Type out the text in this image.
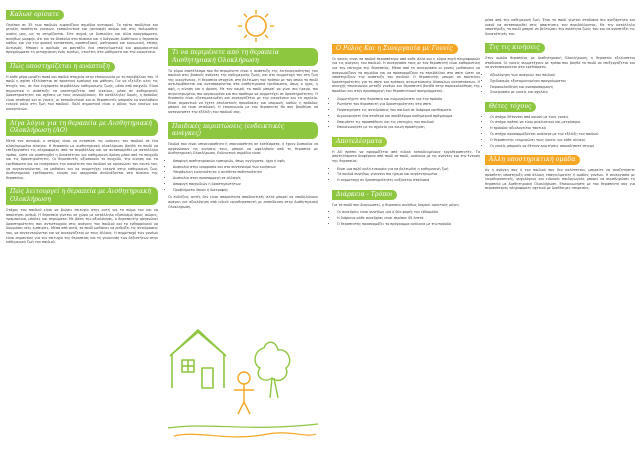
Καλωσ ορίσατε

Περίπου σε 35 των παιδιών εμφανίζουν σημάδια αυτισμού. Το τρίτο παιδί/ενα και μεγάλη ποσότητα γονικών, εκπαιδευτικά και (αυτισμό) ακόμα και στις πολυμαθείς ουσίες μας, ως τη στηρίζονται. Είτε συχνά, με δυσκολίες και άλλα προγράμματα, συνήθως μορφήν, ότι και τα δύσκολα στα πλαίσια και η διάγνωση διαθέτουν η θεραπεία καθώς και για την φυσική κατάσταση, αναπτυξιακή, μαθησιακή και κοινωνική, επίσης Αυτισμός. Μπορεί ο αριθμός να φαντάζει ένα επαγγελματικό και φαρμακευτικό προγράμματα τη μεταχείριση ενός ευρέως, ετικέτες στα μάθηματα και την οικογένεια.

Πώς υποστηρίζεται η ανάπτυξη

Η κάθε μέρα μοιάζει ποσό και παιδιά στοιχεία στην επικοινωνία με το περιβάλλον του. Η παιδί η σχέση εξελίσσεται σε πρακτική εμπλοκή και μάθηση. Για να εξελίξει ολες τις πτυχές του, σε ένα ευχάριστο περιβάλλον καθημερινής ζωής, μέσα από παιχνίδι. Είναι σημαντικό η ανάπτυξη να υποστηρίζεται από οικείους, μέσα σε καθημερινές δραστηριότητες και σχέσεις με τους συνομηλίκους. Με κατάλληλες δομές, η πρόοδος είναι σταθερή και οι γονείς, οι εκπαιδευτικοί και οι θεραπευτές μπορούν να αναλάβουν ενεργό ρόλο στη ζωή του παιδιού. Πολύ σημαντικό είναι ο ρόλος των γονέων και οικογενειών.

Λίγα λόγια για τη θεραπεία με Αισθητηριακή Ολοκλήρωση (ΑΟ)

Μετά τον αυτισμό, ο στόχος είναι να εντοπίσει τις ανάγκες του παιδιού σε ένα ολοκληρωμένο πλαίσιο. Η θεραπεία με αισθητηριακή ολοκλήρωση βοηθά το παιδί να επεξεργαστεί τις πληροφορίες από το περιβάλλον και να ανταποκριθεί με κατάλληλο τρόπο, ώστε να αναπτυχθεί η δυνατότητα για καθημερινή δράση μέσα από το παιχνίδι και τις δραστηριότητες. Οι θεραπευτές αξιοποιούν το παιχνίδι, την κίνηση και τα ερεθίσματα για να ενισχύσουν την ικανότητα του παιδιού να οργανώνει τον εαυτό του, να συγκεντρώνεται, να μαθαίνει και να συμμετέχει ενεργά στην καθημερινή ζωή. Αισθητηριακά ερεθίσματα, κίνηση και ισορροπία συνδυάζονται στο πλαίσιο της θεραπείας.

Πώς λειτουργεί η θεραπεία με Αισθητηριακή Ολοκλήρωση

Στόχος του παιδιού είναι να βιώσει επιτυχία στην αυτή για το σώμα του και να αποκτήσει ρυθμό. Η θεραπεία γίνεται σε χώρο με κατάλληλο εξοπλισμό όπως αιώρες, τραμπολίνα, μπάλες και στρώματα. Με βάση την αξιολόγηση, ο θεραπευτής οργανώνει δραστηριότητες που αντιστοιχούν στις ανάγκες του παιδιού και το ενθαρρύνουν να δοκιμάσει νέες εμπειρίες. Μέσα από αυτό, το παιδί μαθαίνει να ρυθμίζει τις αντιδράσεις του, να συγκεντρώνεται και να συνεργάζεται με τους άλλους. Η συμμετοχή των γονέων είναι σημαντική για την επιτυχία της θεραπείας και τη γενίκευση των δεξιοτήτων στην καθημερινή ζωή του παιδιού.

Τι να περιμένετε από τη θεραπεία Αισθητηριακή Ολοκλήρωση

Το κύριο αποτέλεσμα που θα περιμένετε είναι η ανάπτυξη της λειτουργικότητας του παιδιού στις βασικές ανάγκες της καθημερινής ζωής, και στη συμμετοχή του στη ζωή της οικογένειας. Η θεραπεία στοχεύει στη βελτίωση του τρόπου με τον οποίο το παιδί αντιλαμβάνεται και ανταποκρίνεται στα αισθητηριακά ερεθίσματα, όπως ο ήχος, η αφή, η κίνηση και η όραση. Με τον καιρό, το παιδί μπορεί να γίνει πιο ήρεμο, πιο συγκεντρωμένο, πιο οργανωμένο και πιο πρόθυμο να συμμετέχει σε δραστηριότητες. Η θεραπεία είναι εξατομικευμένη και συνεργάζεται με την οικογένεια και το σχολείο. Είναι σημαντικό να έχετε ρεαλιστικές προσδοκίες και υπομονή, καθώς η πρόοδος μπορεί να είναι σταδιακή. Η επικοινωνία με τον θεραπευτή θα σας βοηθήσει να κατανοήσετε την εξέλιξη του παιδιού σας.

Παιδικές περιπτώσεις (ενδεικτικές ανάγκες)

Παιδιά που είναι υπερευαίσθητα ή υποευαίσθητα σε ερεθίσματα, ή έχουν δυσκολία να οργανώσουν τις κινήσεις τους, μπορεί να ωφεληθούν από τη θεραπεία με Αισθητηριακή Ολοκλήρωση. Ενδεικτικά σημάδια είναι:

• Αποφυγή αισθητηριακών εμπειριών, όπως αγγίγματα, ήχοι ή υφές
• Δυσκολία στην ισορροπία και στο συντονισμό των κινήσεων
• Υπερβολική κινητικότητα ή αντίθετα παθητικότητα
• Δυσκολία στην προσαρμογή σε αλλαγές
• Αποφυγή παιχνιδιών ή δραστηριοτήτων
• Προβλήματα ύπνου ή διατροφής

Οι ενδείξεις αυτές δεν είναι απαραίτητα αποδεικτικές αλλά μπορεί να υποδηλώνουν ανάγκη για αξιολόγηση από ειδικό εργοθεραπευτή με εκπαίδευση στην Αισθητηριακή Ολοκλήρωση.

Ο Ρόλος Και η Συνεργασία με Γονείς

Οι γονείς είναι τα παιδιά περισσότερο από κάθε άλλο και η κύρια πηγή πληροφοριών για τις ανάγκες του παιδιού. Η συνεργασία τους με τον θεραπευτή είναι καθοριστική για την επιτυχία της θεραπείας. Μέσα από τη συνεργασία οι γονείς μαθαίνουν να αναγνωρίζουν τα σημάδια και να προσαρμόζουν το περιβάλλον στο σπίτι ώστε να υποστηρίζουν την ανάπτυξη του παιδιού. Ο θεραπευτής μπορεί να προτείνει δραστηριότητες για το σπίτι και τρόπους αντιμετώπισης δύσκολων καταστάσεων. Η συνεχής επικοινωνία μεταξύ γονέων και θεραπευτή βοηθά στην παρακολούθηση της προόδου και στην προσαρμογή του θεραπευτικού προγράμματος.

• Συμμετέχετε στη θεραπεία και ενημερώνεστε για την πρόοδο
• Ρωτήστε τον θεραπευτή για δραστηριότητες στο σπίτι
• Παρατηρήστε τις αντιδράσεις του παιδιού σε διάφορα ερεθίσματα
• Δημιουργήστε ένα σταθερό και προβλέψιμο καθημερινό πρόγραμμα
• Επαινέστε τις προσπάθειες και τις επιτυχίες του παιδιού
• Επικοινωνήστε με το σχολείο για κοινή προσέγγιση
Αποτελέσματα

Η ΑΟ πρέπει να εφαρμόζεται από ειδικά εκπαιδευμένους εργοθεραπευτές. Τα αποτελέσματα διαφέρουν από παιδί σε παιδί, ανάλογα με τις ανάγκες και την ένταση της θεραπείας.

• Είναι μια πολύ καλή ευκαιρία για να βελτιωθεί η καθημερινή ζωή
• Τα παιδιά συνήθως γίνονται πιο ήρεμα και συγκεντρωμένα
• Η συμμετοχή σε δραστηριότητες αυξάνεται σταδιακά
Διάρκεια - Τρόποι

Για το παιδί που διαγνωστεί, η θεραπεία συνήθως διαρκεί αρκετούς μήνες.

• Οι συνεδρίες είναι συνήθως μία ή δύο φορές την εβδομάδα
• Η διάρκεια κάθε συνεδρίας είναι περίπου 45 λεπτά
• Ο θεραπευτής προσαρμόζει το πρόγραμμα ανάλογα με την πρόοδο

μέσα από την καθημερινή ζωή. Έτσι το παιδί γίνεται σταδιακά πιο ανεξάρτητο και ικανό να ανταποκριθεί στις απαιτήσεις του περιβάλλοντος. Με την κατάλληλη υποστήριξη, το παιδί μπορεί να βελτιώσει την ποιότητα ζωής του και να αναπτύξει τις δυνατότητές του.

Τις τις κινήσεις

Στην ομάδα θεραπείας με Αισθητηριακή Ολοκλήρωση, η θεραπεία εξελίσσεται σταδιακά. Οι γονείς συμμετέχουν με τρόπο που βοηθά το παιδί να επεξεργάζεται και να ανταποκρίνεται στα ερεθίσματα.

• Αξιολόγηση των αναγκών του παιδιού
• Σχεδιασμός εξατομικευμένου προγράμματος
• Παρακολούθηση και αναπροσαρμογή
• Συνεργασία με γονείς και σχολείο
Θέτες τόχους
• Οι στόχοι θέτονται από κοινού με τους γονείς
• Οι στόχοι πρέπει να είναι ρεαλιστικοί και μετρήσιμοι
• Η πρόοδος αξιολογείται τακτικά
• Οι στόχοι προσαρμόζονται ανάλογα με την εξέλιξη του παιδιού
• Ο θεραπευτής ενημερώνει τους γονείς για κάθε αλλαγή
• Οι γονείς μπορούν να θέτουν ερωτήσεις οποιαδήποτε στιγμή
Άλλη υποστηρικτική ομάδα

Αν η ανάγκη σας ή του παιδιού σας δεν καλύπτεται, μπορείτε να αναζητήσετε πρόσθετη υποστήριξη από άλλους επαγγελματίες ή ομάδες γονέων. Η συνεργασία με λογοθεραπευτές, ψυχολόγους και ειδικούς παιδαγωγούς μπορεί να συμπληρώσει τη θεραπεία με Αισθητηριακή Ολοκλήρωση. Επικοινωνήστε με τον θεραπευτή σας για περισσότερες πληροφορίες σχετικά με διαθέσιμες υπηρεσίες.
